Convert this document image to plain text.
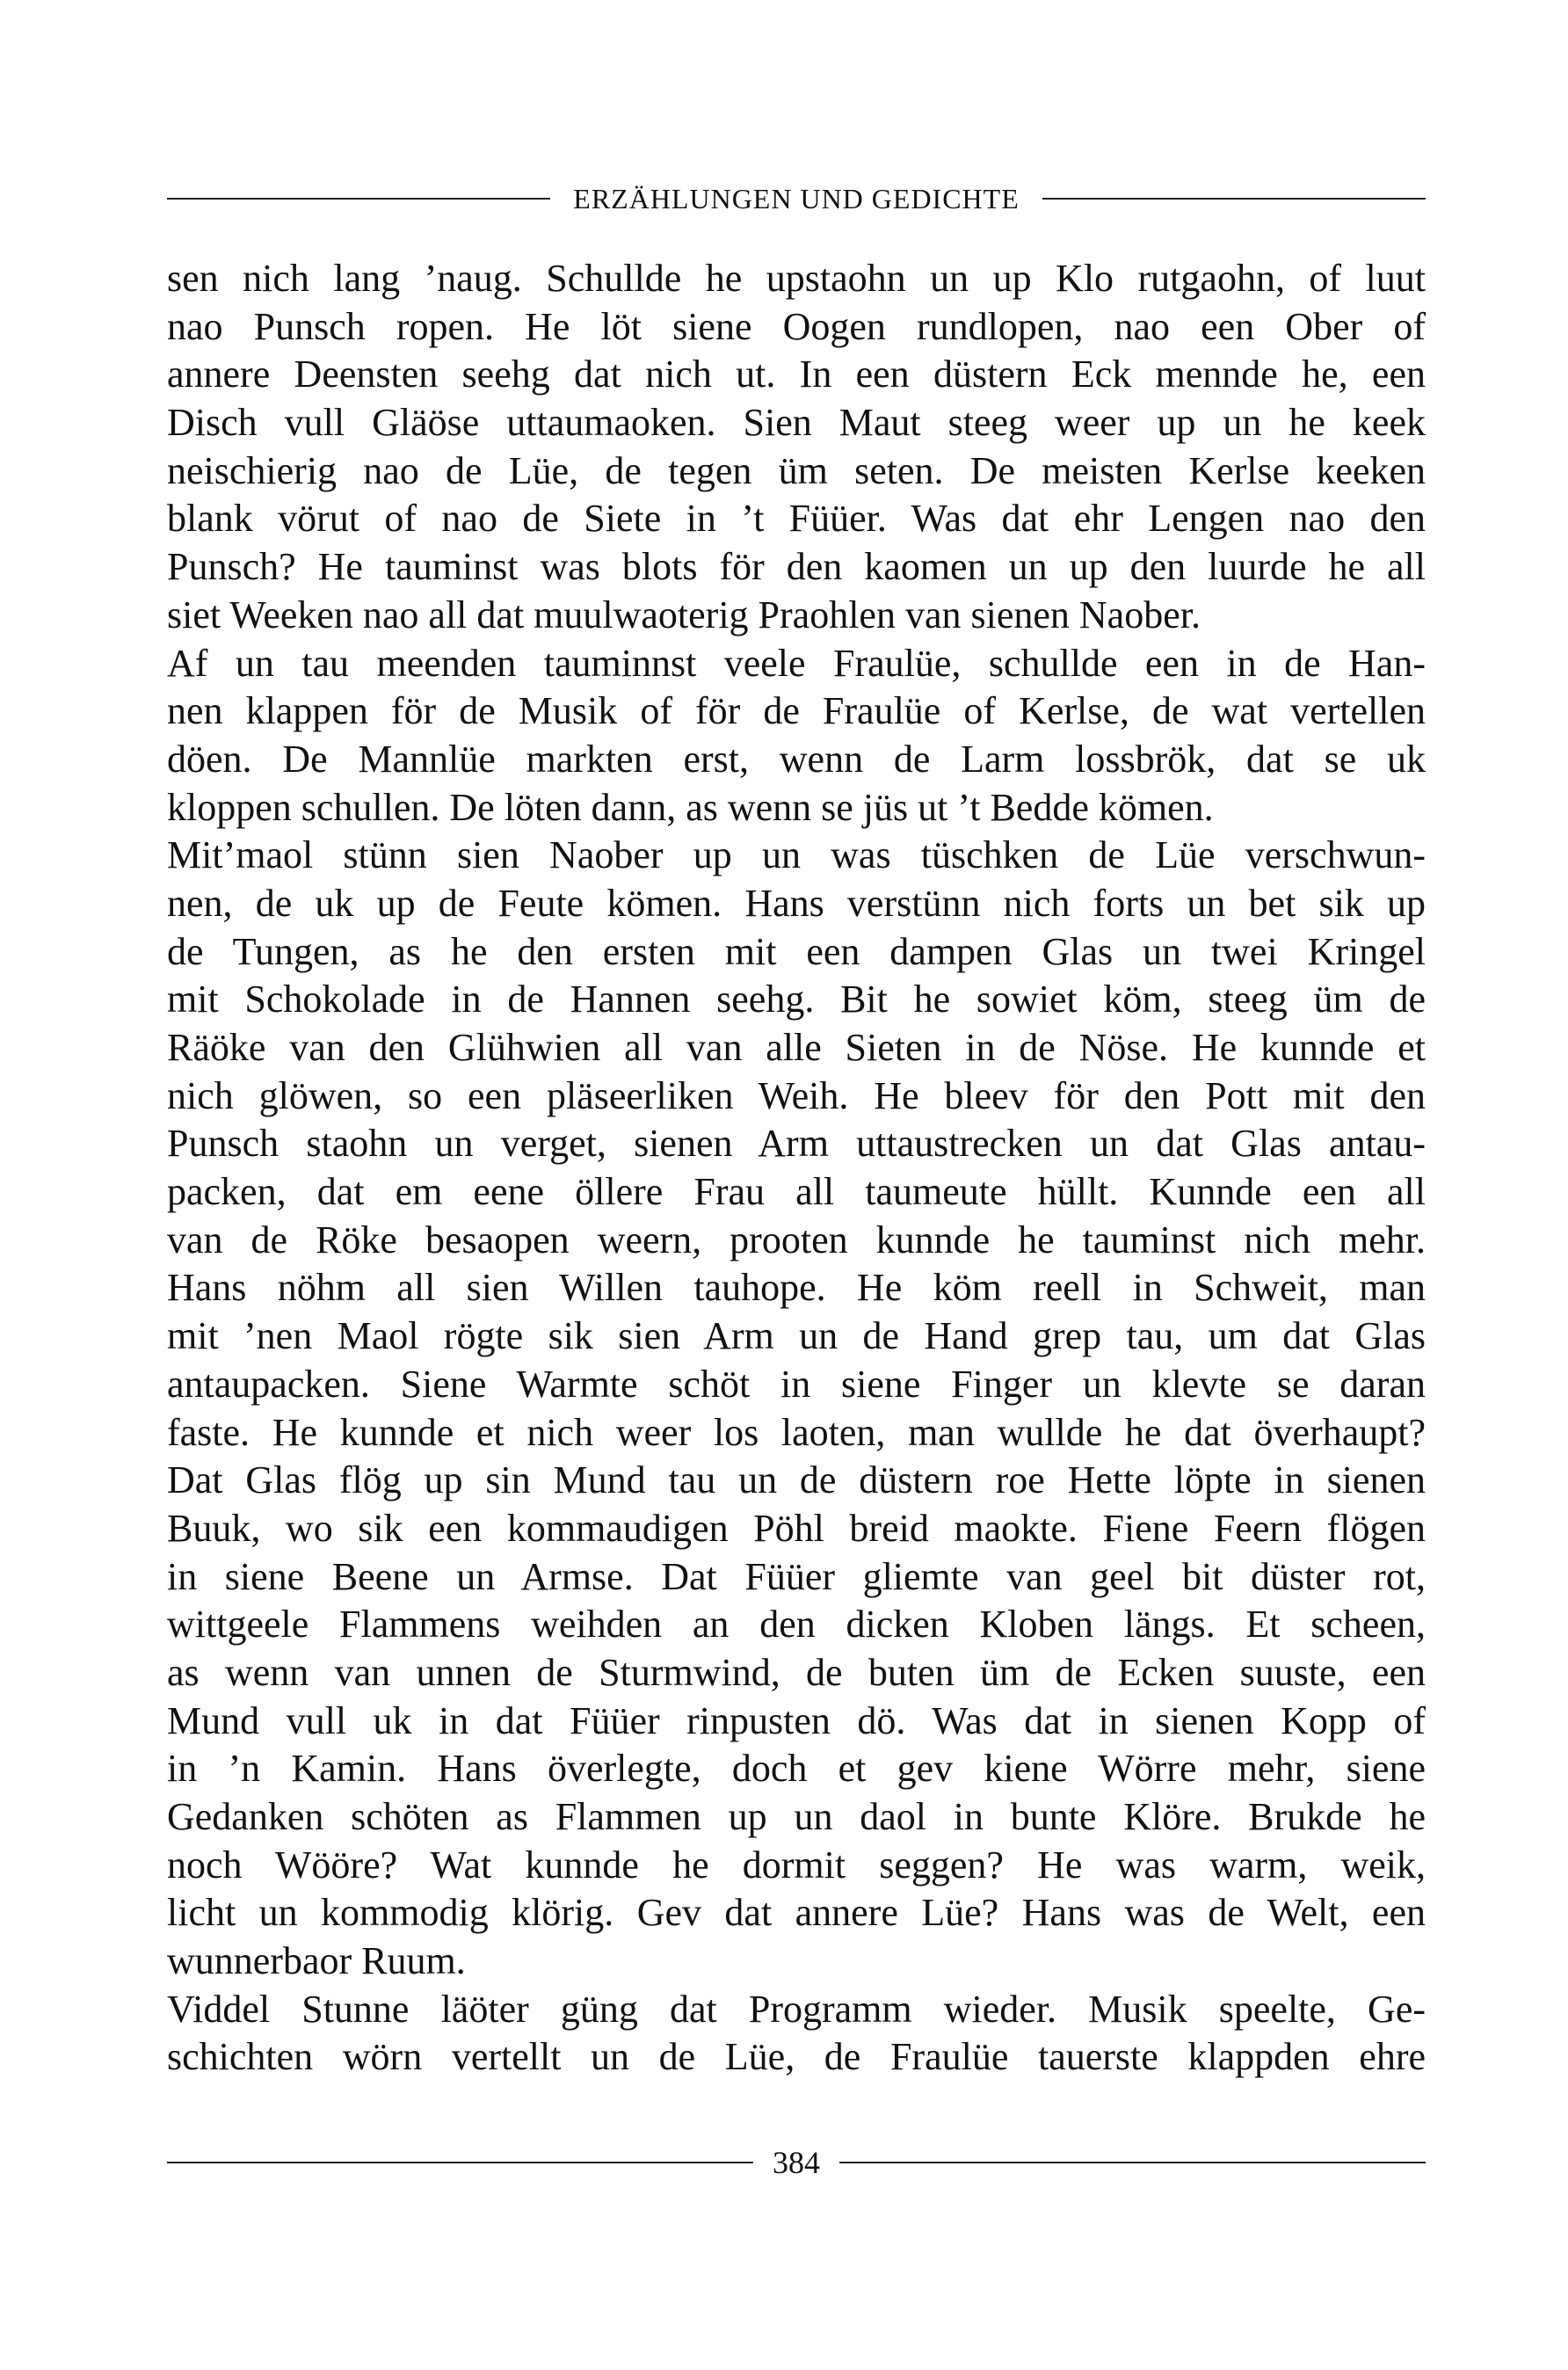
ERZÄHLUNGEN UND GEDICHTE
sen nich lang ’naug. Schullde he upstaohn un up Klo rutgaohn, of luut
nao Punsch ropen. He löt siene Oogen rundlopen, nao een Ober of
annere Deensten seehg dat nich ut. In een düstern Eck mennde he, een
Disch vull Gläöse uttaumaoken. Sien Maut steeg weer up un he keek
neischierig nao de Lüe, de tegen üm seten. De meisten Kerlse keeken
blank vörut of nao de Siete in ’t Füüer. Was dat ehr Lengen nao den
Punsch? He tauminst was blots för den kaomen un up den luurde he all
siet Weeken nao all dat muulwaoterig Praohlen van sienen Naober.
Af un tau meenden tauminnst veele Fraulüe, schullde een in de Han-
nen klappen för de Musik of för de Fraulüe of Kerlse, de wat vertellen
döen. De Mannlüe markten erst, wenn de Larm lossbrök, dat se uk
kloppen schullen. De löten dann, as wenn se jüs ut ’t Bedde kömen.
Mit’maol stünn sien Naober up un was tüschken de Lüe verschwun-
nen, de uk up de Feute kömen. Hans verstünn nich forts un bet sik up
de Tungen, as he den ersten mit een dampen Glas un twei Kringel
mit Schokolade in de Hannen seehg. Bit he sowiet köm, steeg üm de
Räöke van den Glühwien all van alle Sieten in de Nöse. He kunnde et
nich glöwen, so een pläseerliken Weih. He bleev för den Pott mit den
Punsch staohn un verget, sienen Arm uttaustrecken un dat Glas antau-
packen, dat em eene öllere Frau all taumeute hüllt. Kunnde een all
van de Röke besaopen weern, prooten kunnde he tauminst nich mehr.
Hans nöhm all sien Willen tauhope. He köm reell in Schweit, man
mit ’nen Maol rögte sik sien Arm un de Hand grep tau, um dat Glas
antaupacken. Siene Warmte schöt in siene Finger un klevte se daran
faste. He kunnde et nich weer los laoten, man wullde he dat överhaupt?
Dat Glas flög up sin Mund tau un de düstern roe Hette löpte in sienen
Buuk, wo sik een kommaudigen Pöhl breid maokte. Fiene Feern flögen
in siene Beene un Armse. Dat Füüer gliemte van geel bit düster rot,
wittgeele Flammens weihden an den dicken Kloben längs. Et scheen,
as wenn van unnen de Sturmwind, de buten üm de Ecken suuste, een
Mund vull uk in dat Füüer rinpusten dö. Was dat in sienen Kopp of
in ’n Kamin. Hans överlegte, doch et gev kiene Wörre mehr, siene
Gedanken schöten as Flammen up un daol in bunte Klöre. Brukde he
noch Wööre? Wat kunnde he dormit seggen? He was warm, weik,
licht un kommodig klörig. Gev dat annere Lüe? Hans was de Welt, een
wunnerbaor Ruum.
Viddel Stunne läöter güng dat Programm wieder. Musik speelte, Ge-
schichten wörn vertellt un de Lüe, de Fraulüe tauerste klappden ehre
384
